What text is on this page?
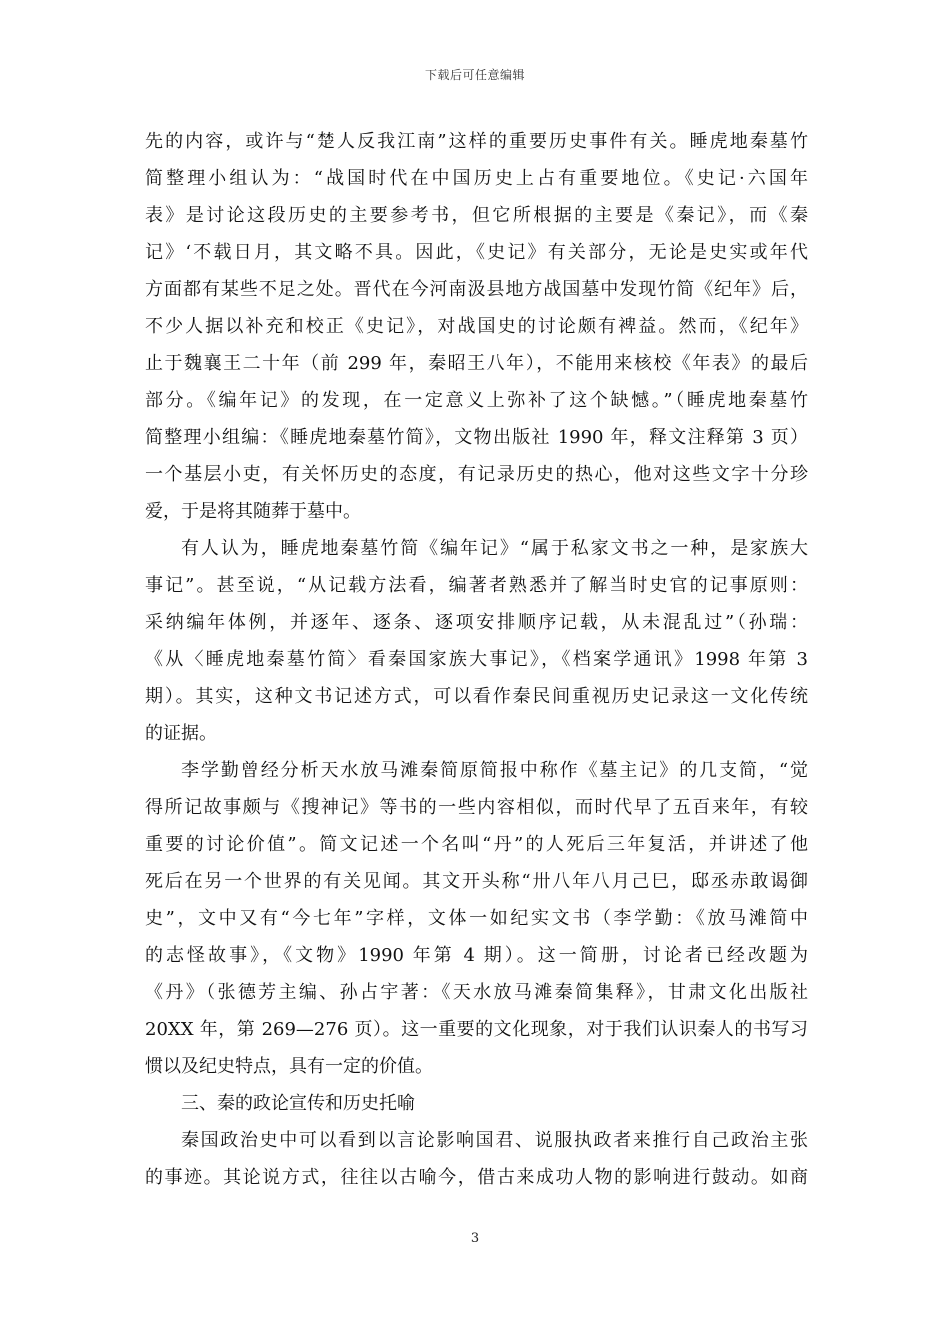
下载后可任意编辑
先的内容，或许与“楚人反我江南”这样的重要历史事件有关。睡虎地秦墓竹
简整理小组认为：“战国时代在中国历史上占有重要地位。《史记·六国年
表》是讨论这段历史的主要参考书，但它所根据的主要是《秦记》，而《秦
记》‘不载日月，其文略不具。因此，《史记》有关部分，无论是史实或年代
方面都有某些不足之处。晋代在今河南汲县地方战国墓中发现竹简《纪年》后，
不少人据以补充和校正《史记》，对战国史的讨论颇有裨益。然而，《纪年》
止于魏襄王二十年（前 299 年，秦昭王八年），不能用来核校《年表》的最后
部分。《编年记》的发现，在一定意义上弥补了这个缺憾。”（睡虎地秦墓竹
简整理小组编：《睡虎地秦墓竹简》，文物出版社 1990 年，释文注释第 3 页）
一个基层小吏，有关怀历史的态度，有记录历史的热心，他对这些文字十分珍
爱，于是将其随葬于墓中。
有人认为，睡虎地秦墓竹简《编年记》“属于私家文书之一种，是家族大
事记”。甚至说，“从记载方法看，编著者熟悉并了解当时史官的记事原则：
采纳编年体例，并逐年、逐条、逐项安排顺序记载，从未混乱过”（孙瑞：
《从〈睡虎地秦墓竹简〉看秦国家族大事记》，《档案学通讯》1998 年第 3
期）。其实，这种文书记述方式，可以看作秦民间重视历史记录这一文化传统
的证据。
李学勤曾经分析天水放马滩秦简原简报中称作《墓主记》的几支简，“觉
得所记故事颇与《搜神记》等书的一些内容相似，而时代早了五百来年，有较
重要的讨论价值”。简文记述一个名叫“丹”的人死后三年复活，并讲述了他
死后在另一个世界的有关见闻。其文开头称“卅八年八月己巳，邸丞赤敢谒御
史”，文中又有“今七年”字样，文体一如纪实文书（李学勤：《放马滩简中
的志怪故事》，《文物》1990 年第 4 期）。这一简册，讨论者已经改题为
《丹》（张德芳主编、孙占宇著：《天水放马滩秦简集释》，甘肃文化出版社
20XX 年，第 269—276 页）。这一重要的文化现象，对于我们认识秦人的书写习
惯以及纪史特点，具有一定的价值。
三、秦的政论宣传和历史托喻
秦国政治史中可以看到以言论影响国君、说服执政者来推行自己政治主张
的事迹。其论说方式，往往以古喻今，借古来成功人物的影响进行鼓动。如商
3
